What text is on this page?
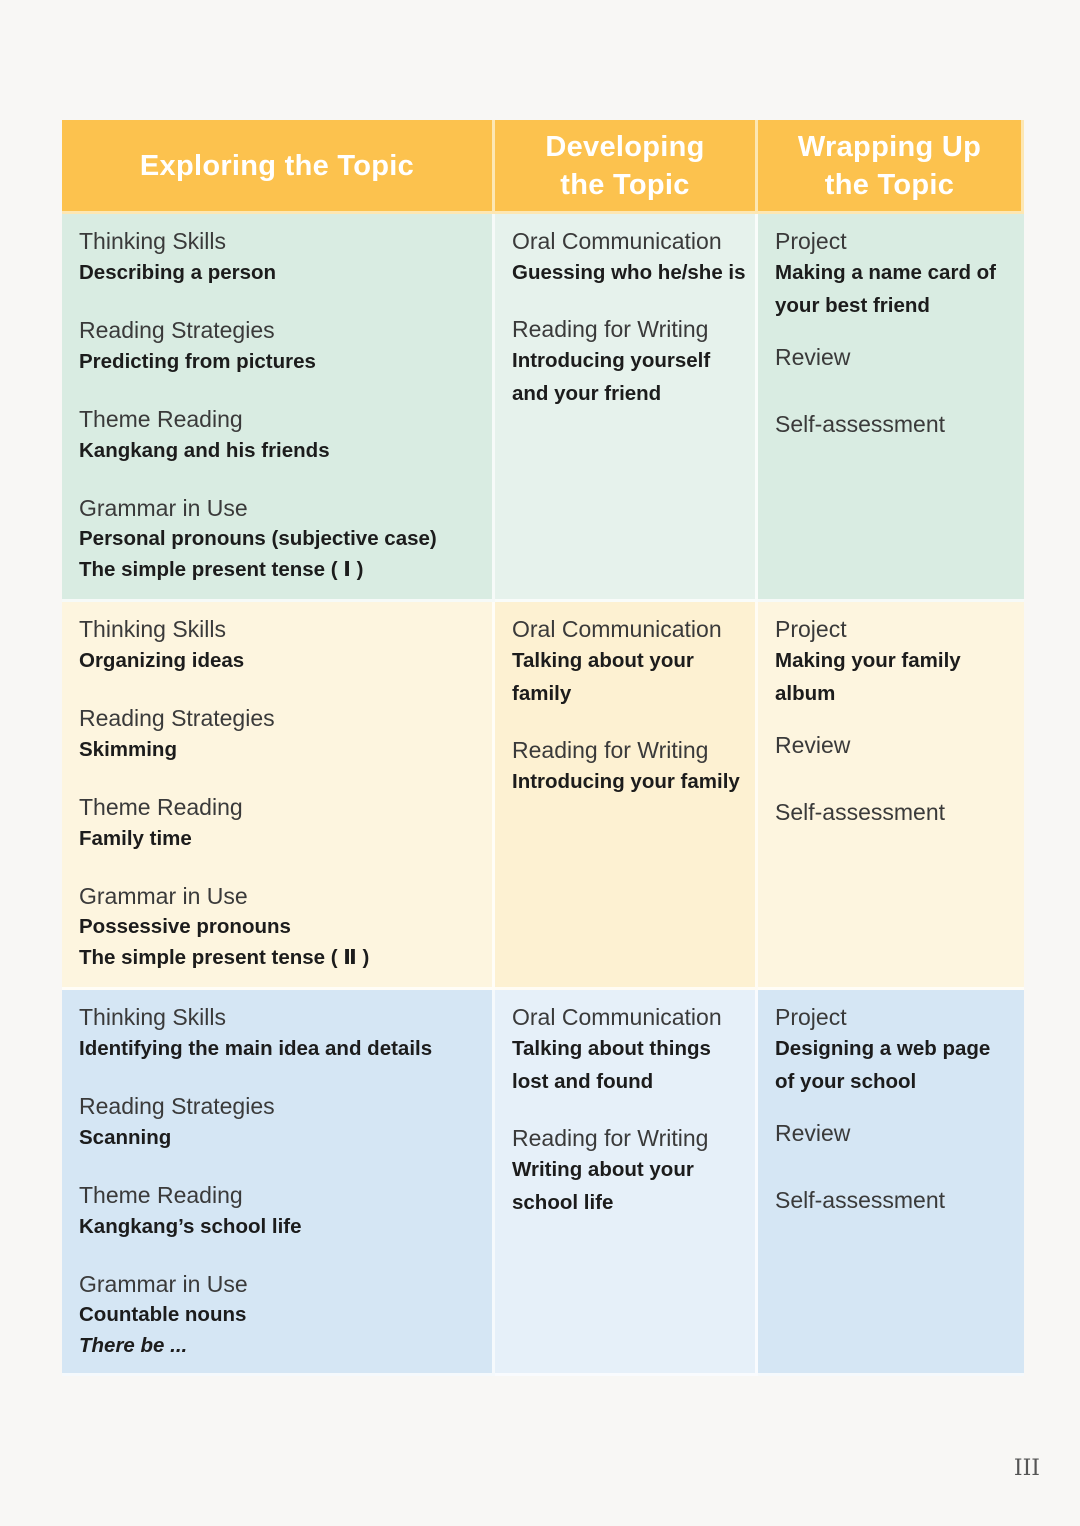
Exploring the Topic
Developing
the Topic
Wrapping Up
the Topic
Thinking Skills
Describing a person
Reading Strategies
Predicting from pictures
Theme Reading
Kangkang and his friends
Grammar in Use
Personal pronouns (subjective case)
The simple present tense ( Ⅰ )
Oral Communication
Guessing who he/she is
Reading for Writing
Introducing yourself
and your friend
Project
Making a name card of
your best friend
Review
Self-assessment
Thinking Skills
Organizing ideas
Reading Strategies
Skimming
Theme Reading
Family time
Grammar in Use
Possessive pronouns
The simple present tense ( Ⅱ )
Oral Communication
Talking about your
family
Reading for Writing
Introducing your family
Project
Making your family
album
Review
Self-assessment
Thinking Skills
Identifying the main idea and details
Reading Strategies
Scanning
Theme Reading
Kangkang’s school life
Grammar in Use
Countable nouns
There be ...
Oral Communication
Talking about things
lost and found
Reading for Writing
Writing about your
school life
Project
Designing a web page
of your school
Review
Self-assessment
III
